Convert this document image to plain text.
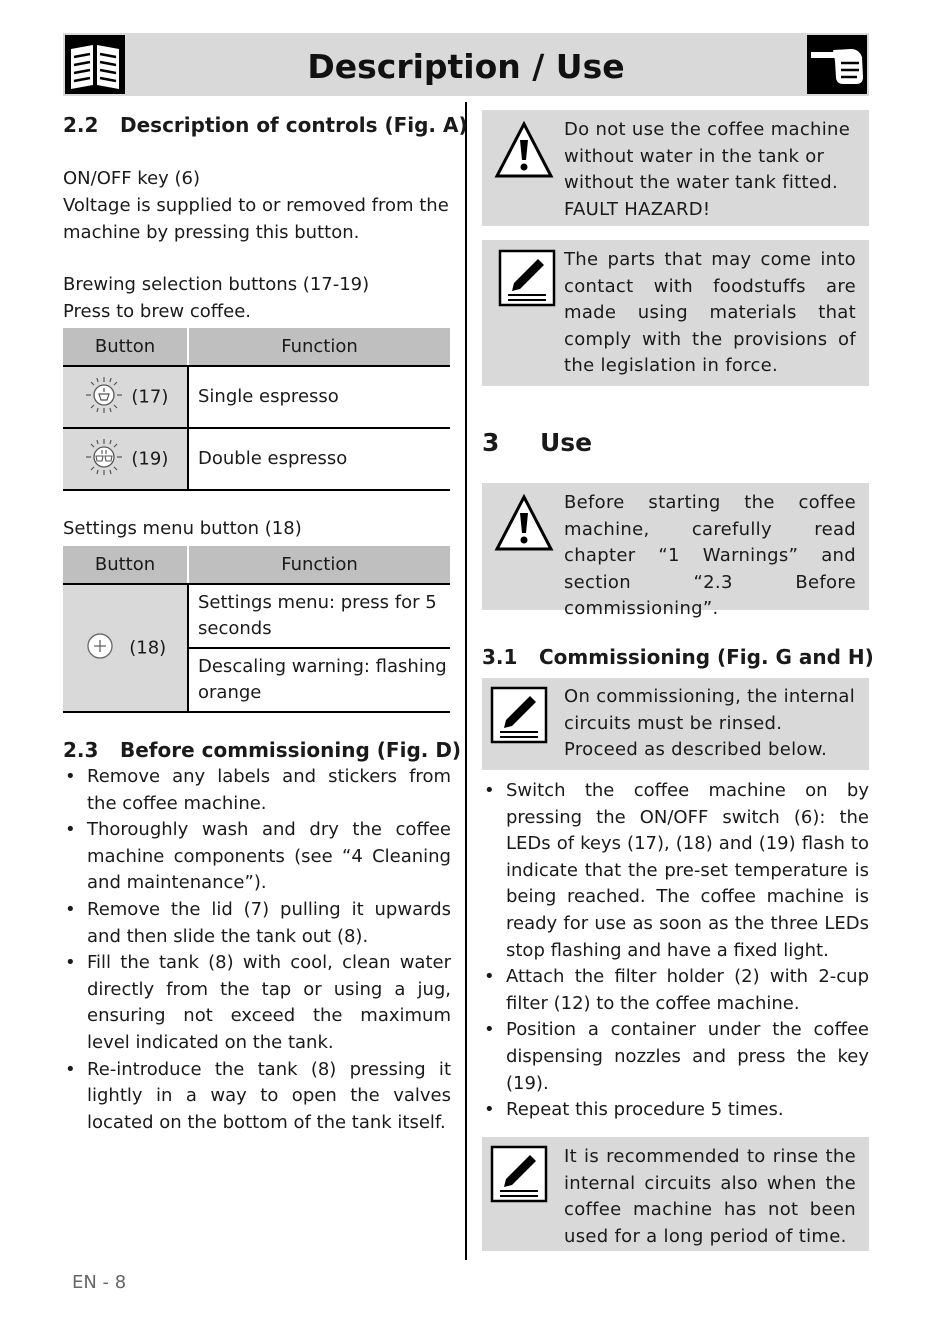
Description / Use
2.2 Description of controls (Fig. A)
ON/OFF key (6)
Voltage is supplied to or removed from the machine by pressing this button.
Brewing selection buttons (17-19)
Press to brew coffee.
Button	Function
(17)	Single espresso
(19)	Double espresso
Settings menu button (18)
Button	Function
(18)	Settings menu: press for 5 seconds
	Descaling warning: flashing orange
2.3 Before commissioning (Fig. D)
• Remove any labels and stickers from the coffee machine.
• Thoroughly wash and dry the coffee machine components (see “4 Cleaning and maintenance”).
• Remove the lid (7) pulling it upwards and then slide the tank out (8).
• Fill the tank (8) with cool, clean water directly from the tap or using a jug, ensuring not exceed the maximum level indicated on the tank.
• Re-introduce the tank (8) pressing it lightly in a way to open the valves located on the bottom of the tank itself.
Do not use the coffee machine without water in the tank or without the water tank fitted. FAULT HAZARD!
The parts that may come into contact with foodstuffs are made using materials that comply with the provisions of the legislation in force.
3 Use
Before starting the coffee machine, carefully read chapter “1 Warnings” and section “2.3 Before commissioning”.
3.1 Commissioning (Fig. G and H)
On commissioning, the internal circuits must be rinsed. Proceed as described below.
• Switch the coffee machine on by pressing the ON/OFF switch (6): the LEDs of keys (17), (18) and (19) flash to indicate that the pre-set temperature is being reached. The coffee machine is ready for use as soon as the three LEDs stop flashing and have a fixed light.
• Attach the filter holder (2) with 2-cup filter (12) to the coffee machine.
• Position a container under the coffee dispensing nozzles and press the key (19).
• Repeat this procedure 5 times.
It is recommended to rinse the internal circuits also when the coffee machine has not been used for a long period of time.
EN - 8
